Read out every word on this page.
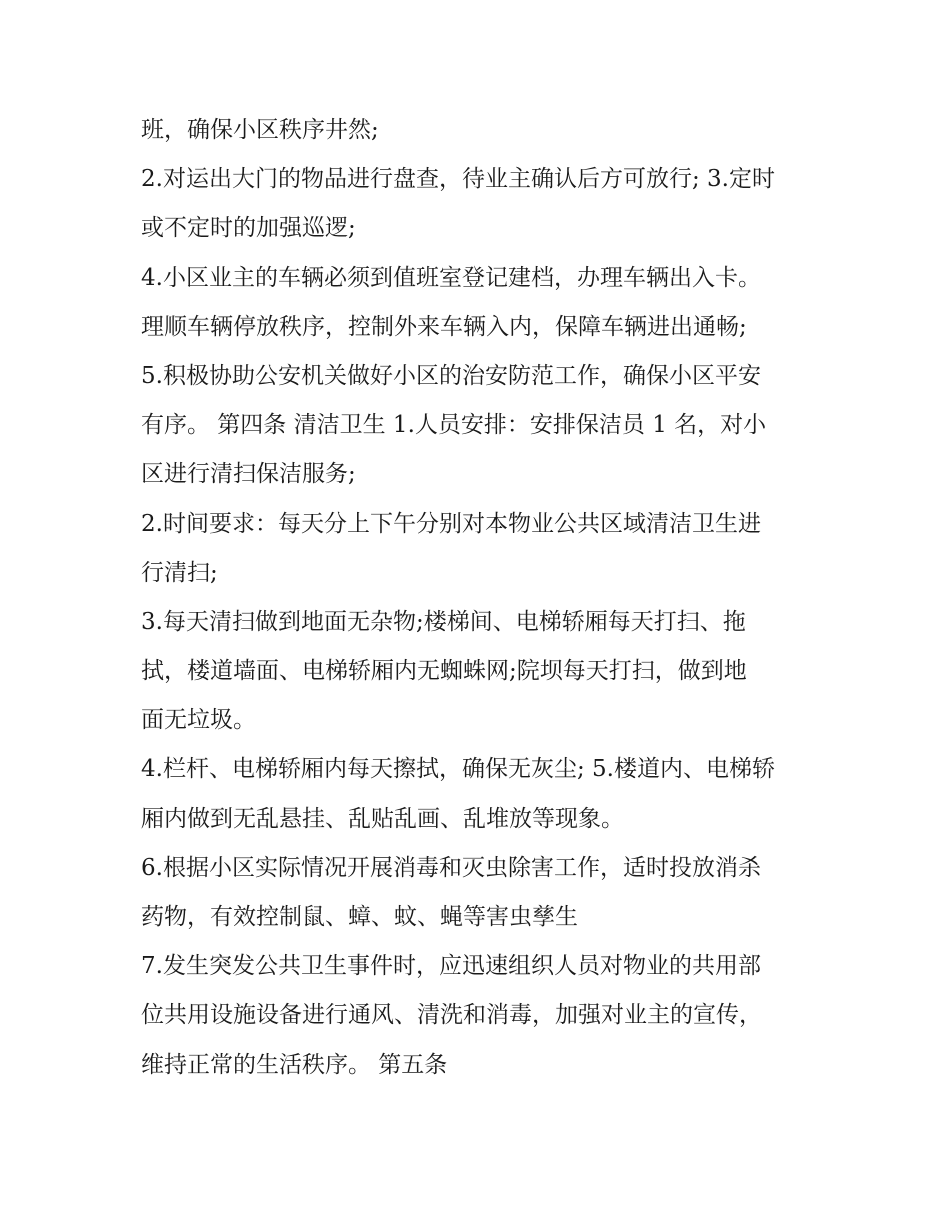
班，确保小区秩序井然;
2.对运出大门的物品进行盘查，待业主确认后方可放行; 3.定时
或不定时的加强巡逻;
4.小区业主的车辆必须到值班室登记建档，办理车辆出入卡。
理顺车辆停放秩序，控制外来车辆入内，保障车辆进出通畅;
5.积极协助公安机关做好小区的治安防范工作，确保小区平安
有序。 第四条 清洁卫生 1.人员安排：安排保洁员 1 名，对小
区进行清扫保洁服务;
2.时间要求：每天分上下午分别对本物业公共区域清洁卫生进
行清扫;
3.每天清扫做到地面无杂物;楼梯间、电梯轿厢每天打扫、拖
拭，楼道墙面、电梯轿厢内无蜘蛛网;院坝每天打扫，做到地
面无垃圾。
4.栏杆、电梯轿厢内每天擦拭，确保无灰尘; 5.楼道内、电梯轿
厢内做到无乱悬挂、乱贴乱画、乱堆放等现象。
6.根据小区实际情况开展消毒和灭虫除害工作，适时投放消杀
药物，有效控制鼠、蟑、蚊、蝇等害虫孳生
7.发生突发公共卫生事件时，应迅速组织人员对物业的共用部
位共用设施设备进行通风、清洗和消毒，加强对业主的宣传，
维持正常的生活秩序。 第五条
